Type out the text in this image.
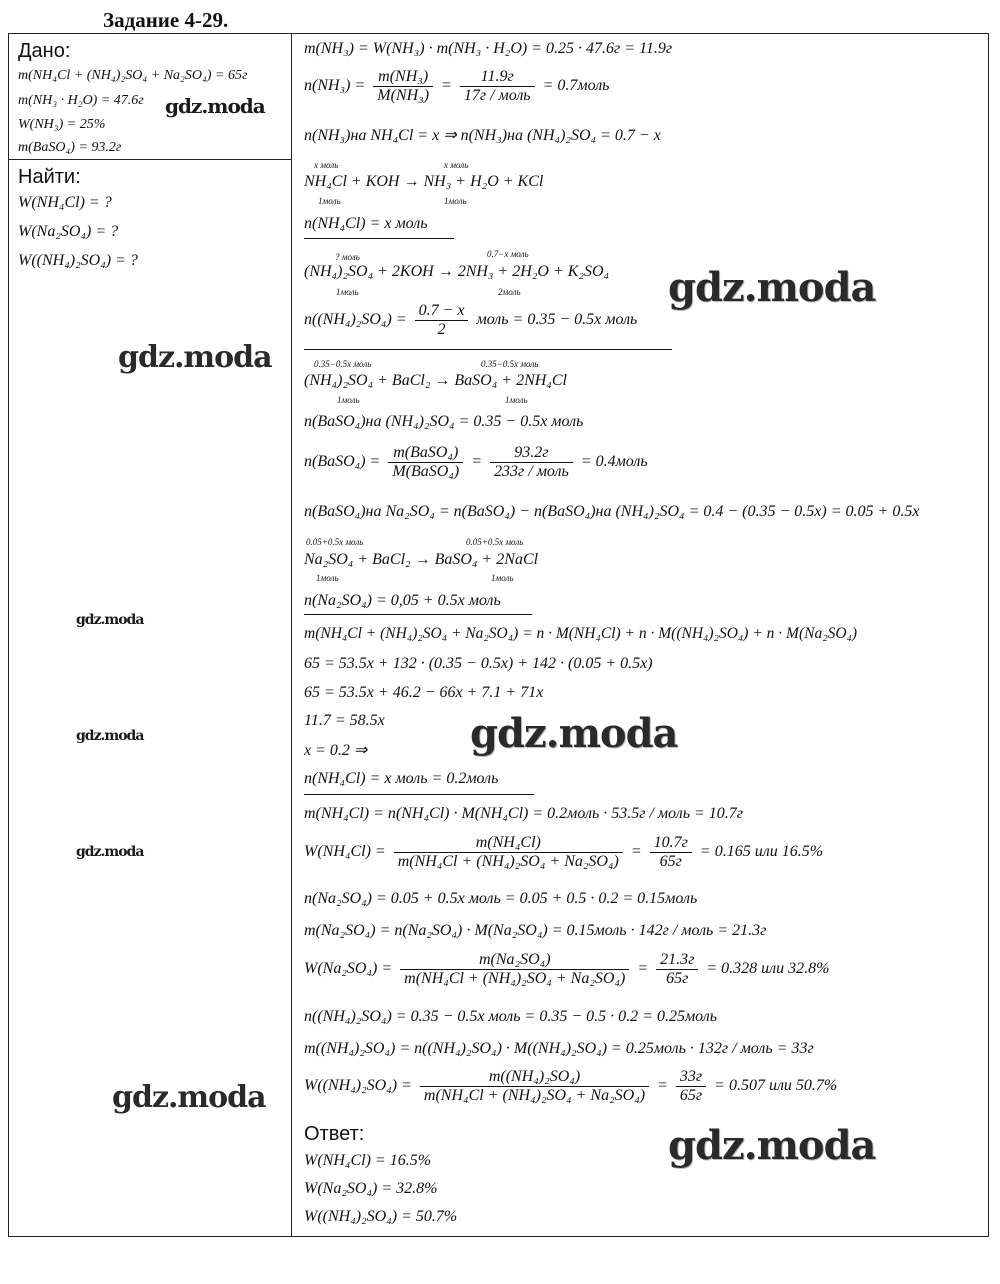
Задание 4-29.
Дано:
m(NH₄Cl + (NH₄)₂SO₄ + Na₂SO₄) = 65г
m(NH₃ · H₂O) = 47.6г
W(NH₃) = 25%
m(BaSO₄) = 93.2г
Найти:
W(NH₄Cl) = ?
W(Na₂SO₄) = ?
W((NH₄)₂SO₄) = ?
m(NH₃) = W(NH₃) · m(NH₃ · H₂O) = 0.25 · 47.6г = 11.9г
$n(NH_3) = \frac{\text{m(NH₃)}}{\text{M(NH₃)}} = \frac{11.9г}{\text{17г / моль}}$ = 0.7моль
n(NH₃)на NH₄Cl = x ⇒ n(NH₃)на (NH₄)₂SO₄ = 0.7 − x
x моль	x моль
NH₄Cl + KOH → NH₃ + H₂O + KCl
1моль	1моль
n(NH₄Cl) = x моль
? моль	0.7−x моль
(NH₄)₂SO₄ + 2KOH → 2NH₃ + 2H₂O + K₂SO₄
1моль	2моль
$n((NH_4)_2SO_4) = \frac{0.7 - x}{2}$ моль = 0.35 − 0.5x моль
0.35−0.5x моль	0.35−0.5x моль
(NH₄)₂SO₄ + BaCl₂ → BaSO₄ + 2NH₄Cl
1моль	1моль
n(BaSO₄)на (NH₄)₂SO₄ = 0.35 − 0.5x моль
n(BaSO₄) = $\frac{\text{m(BaSO₄)}}{\text{M(BaSO₄)}} = \frac{93.2г}{\text{233г / моль}}$ = 0.4моль
n(BaSO₄)на Na₂SO₄ = n(BaSO₄) − n(BaSO₄)на (NH₄)₂SO₄ = 0.4 − (0.35 − 0.5x) = 0.05 + 0.5x
0.05+0.5x моль	0.05+0.5x моль
Na₂SO₄ + BaCl₂ → BaSO₄ + 2NaCl
1моль	1моль
n(Na₂SO₄) = 0,05 + 0.5x моль
m(NH₄Cl + (NH₄)₂SO₄ + Na₂SO₄) = n · M(NH₄Cl) + n · M((NH₄)₂SO₄) + n · M(Na₂SO₄)
65 = 53.5x + 132 · (0.35 − 0.5x) + 142 · (0.05 + 0.5x)
65 = 53.5x + 46.2 − 66x + 7.1 + 71x
11.7 = 58.5x
x = 0.2 ⇒
n(NH₄Cl) = x моль = 0.2моль
m(NH₄Cl) = n(NH₄Cl) · M(NH₄Cl) = 0.2моль · 53.5г / моль = 10.7г
$W(NH_4Cl) = \frac{\text{m(NH₄Cl)}}{\text{m(NH₄Cl + (NH₄)₂SO₄ + Na₂SO₄)}} = \frac{10.7г}{65г} = 0.165$ или 16.5%
n(Na₂SO₄) = 0.05 + 0.5x моль = 0.05 + 0.5 · 0.2 = 0.15моль
m(Na₂SO₄) = n(Na₂SO₄) · M(Na₂SO₄) = 0.15моль · 142г / моль = 21.3г
$W(Na_2SO_4) = \frac{\text{m(Na₂SO₄)}}{\text{m(NH₄Cl + (NH₄)₂SO₄ + Na₂SO₄)}} = \frac{21.3г}{65г} = 0.328$ или 32.8%
n((NH₄)₂SO₄) = 0.35 − 0.5x моль = 0.35 − 0.5 · 0.2 = 0.25моль
m((NH₄)₂SO₄) = n((NH₄)₂SO₄) · M((NH₄)₂SO₄) = 0.25моль · 132г / моль = 33г
$W((NH_4)_2SO_4) = \frac{\text{m((NH₄)₂SO₄)}}{\text{m(NH₄Cl + (NH₄)₂SO₄ + Na₂SO₄)}} = \frac{33г}{65г} = 0.507$ или 50.7%
Ответ:
W(NH₄Cl) = 16.5%
W(Na₂SO₄) = 32.8%
W((NH₄)₂SO₄) = 50.7%
gdz.moda
gdz.moda
gdz.moda
gdz.moda
gdz.moda
gdz.moda
gdz.moda
gdz.moda
gdz.moda
